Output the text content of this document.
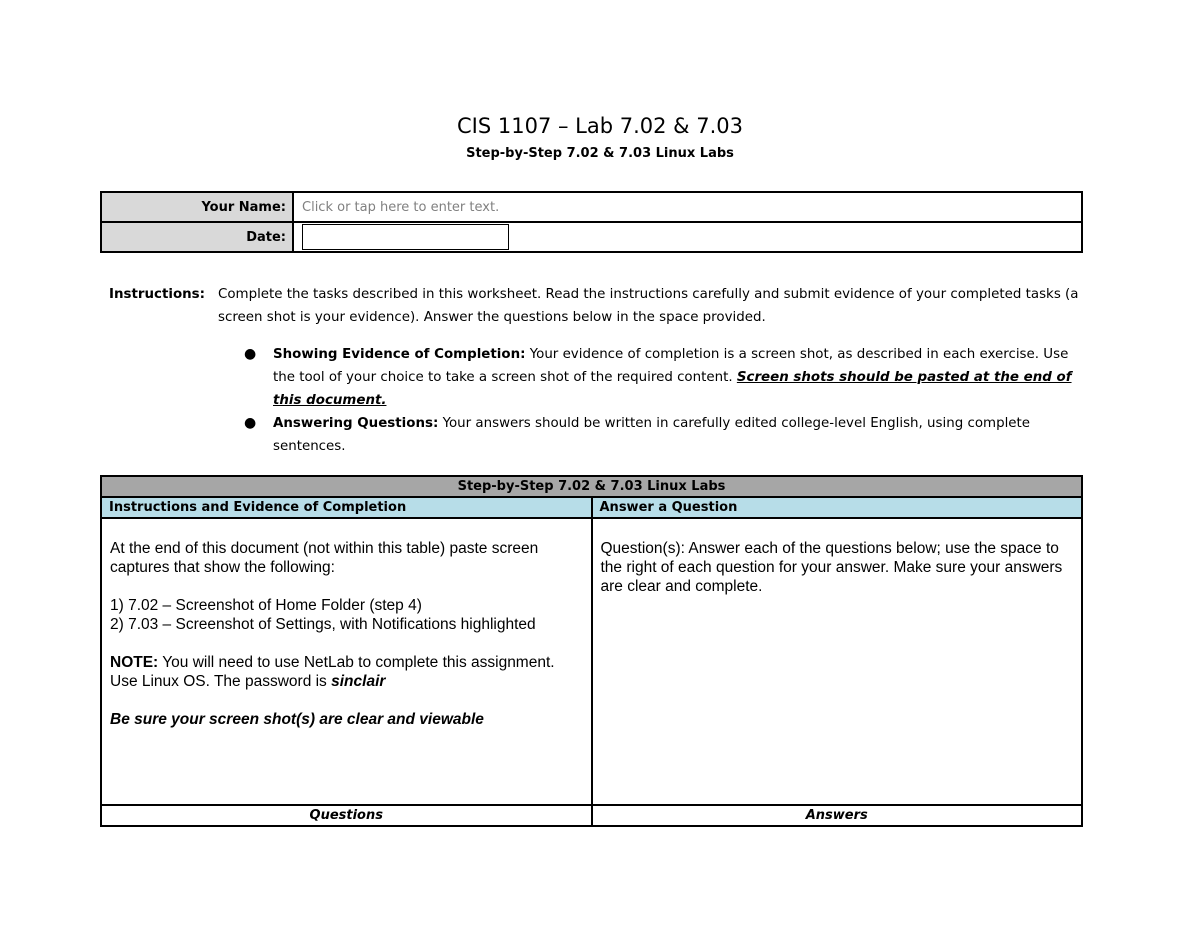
CIS 1107 – Lab 7.02 & 7.03
Step-by-Step 7.02 & 7.03 Linux Labs
Your Name:	Click or tap here to enter text.
Date:	
Instructions: Complete the tasks described in this worksheet. Read the instructions carefully and submit evidence of your completed tasks (a screen shot is your evidence). Answer the questions below in the space provided.
● Showing Evidence of Completion: Your evidence of completion is a screen shot, as described in each exercise. Use the tool of your choice to take a screen shot of the required content. Screen shots should be pasted at the end of this document.
● Answering Questions: Your answers should be written in carefully edited college-level English, using complete sentences.
Step-by-Step 7.02 & 7.03 Linux Labs	
Instructions and Evidence of Completion	Answer a Question

At the end of this document (not within this table) paste screen captures that show the following:

1) 7.02 – Screenshot of Home Folder (step 4)

2) 7.03 – Screenshot of Settings, with Notifications highlighted

NOTE: You will need to use NetLab to complete this assignment. Use Linux OS. The password is sinclair

Be sure your screen shot(s) are clear and viewable	Question(s): Answer each of the questions below; use the space to the right of each question for your answer. Make sure your answers are clear and complete.

Questions	Answers
